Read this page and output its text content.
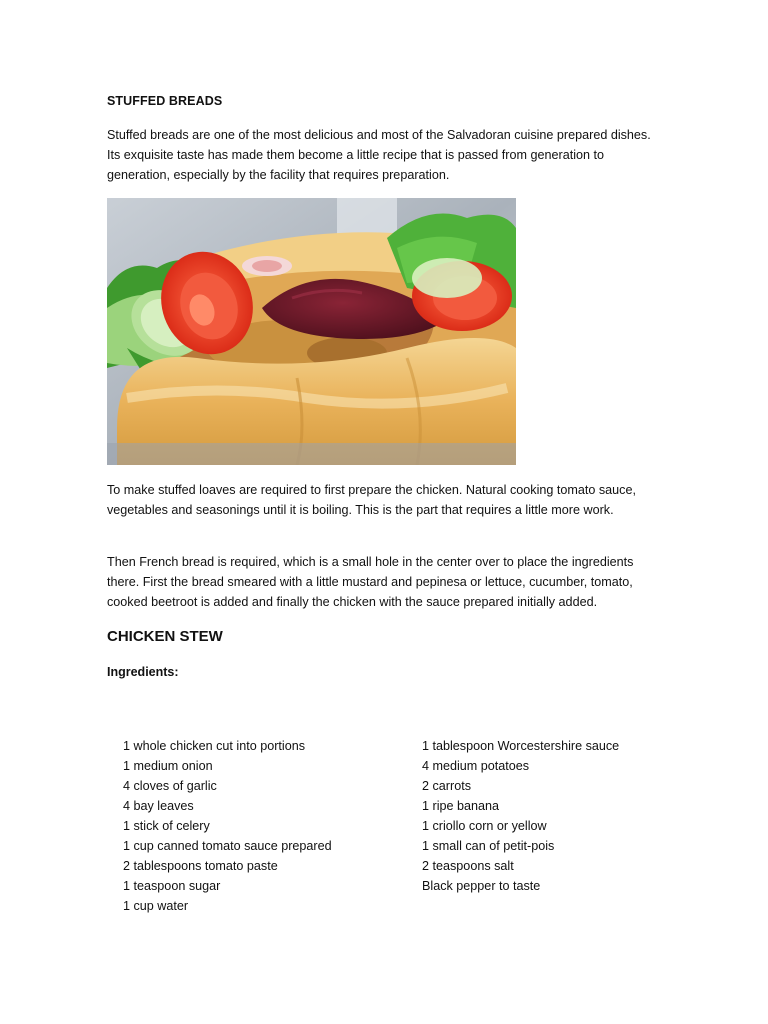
STUFFED BREADS
Stuffed breads are one of the most delicious and most of the Salvadoran cuisine prepared dishes. Its exquisite taste has made them become a little recipe that is passed from generation to generation, especially by the facility that requires preparation.
To make stuffed loaves are required to first prepare the chicken. Natural cooking tomato sauce, vegetables and seasonings until it is boiling. This is the part that requires a little more work.
Then French bread is required, which is a small hole in the center over to place the ingredients there. First the bread smeared with a little mustard and pepinesa or lettuce, cucumber, tomato, cooked beetroot is added and finally the chicken with the sauce prepared initially added.
CHICKEN STEW
Ingredients:
1 whole chicken cut into portions
1 medium onion
4 cloves of garlic
4 bay leaves
1 stick of celery
1 cup canned tomato sauce prepared
2 tablespoons tomato paste
1 teaspoon sugar
1 cup water
1 tablespoon Worcestershire sauce
4 medium potatoes
2 carrots
1 ripe banana
1 criollo corn or yellow
1 small can of petit-pois
2 teaspoons salt
Black pepper to taste
